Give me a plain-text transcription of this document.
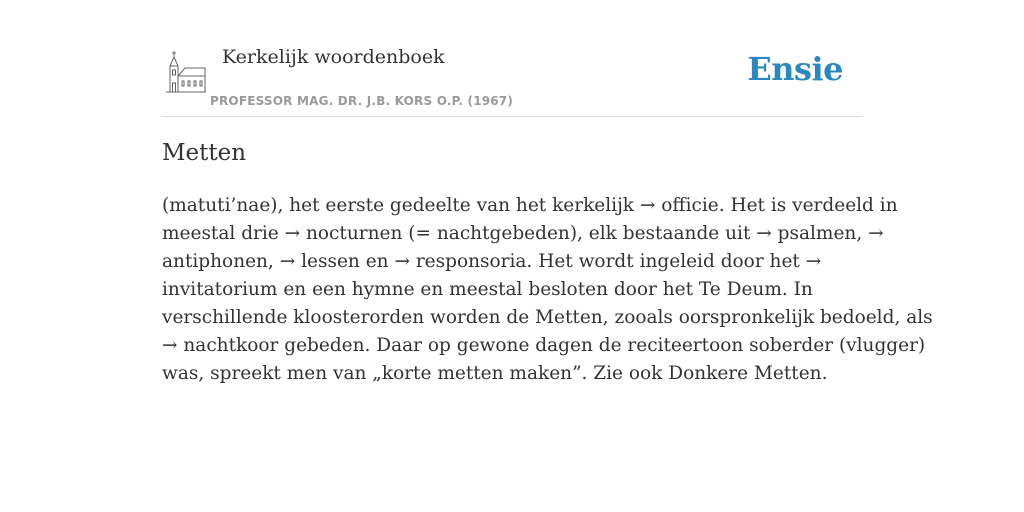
Kerkelijk woordenboek
PROFESSOR MAG. DR. J.B. KORS O.P. (1967)
Ensie
Metten

(matuti’nae), het eerste gedeelte van het kerkelijk → officie. Het is verdeeld in
meestal drie → nocturnen (= nachtgebeden), elk bestaande uit → psalmen, →
antiphonen, → lessen en → responsoria. Het wordt ingeleid door het →
invitatorium en een hymne en meestal besloten door het Te Deum. In
verschillende kloosterorden worden de Metten, zooals oorspronkelijk bedoeld, als
→ nachtkoor gebeden. Daar op gewone dagen de reciteertoon soberder (vlugger)
was, spreekt men van „korte metten maken”. Zie ook Donkere Metten.
